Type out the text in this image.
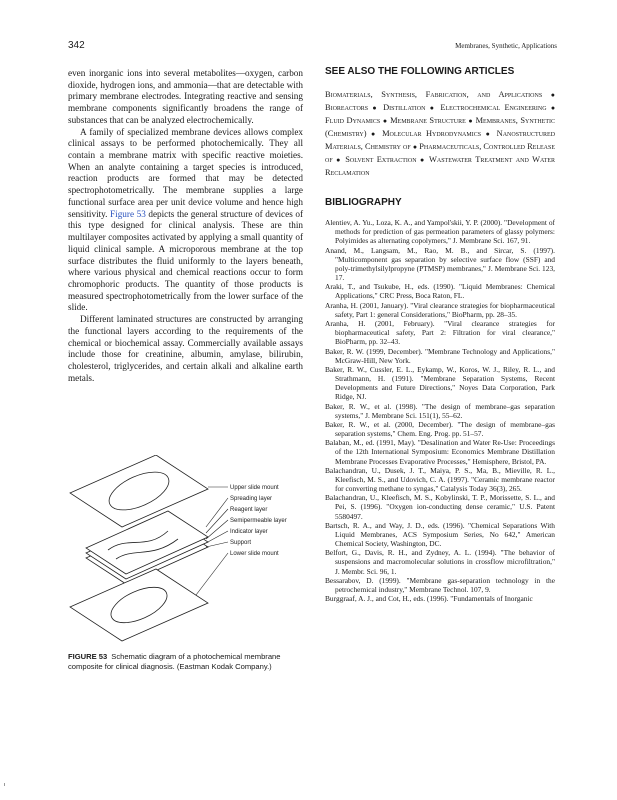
342	Membranes, Synthetic, Applications

even inorganic ions into several metabolites—oxygen, carbon dioxide, hydrogen ions, and ammonia—that are detectable with primary membrane electrodes. Integrating reactive and sensing membrane components significantly broadens the range of substances that can be analyzed electrochemically.

A family of specialized membrane devices allows complex clinical assays to be performed photochemically. They all contain a membrane matrix with specific reactive moieties. When an analyte containing a target species is introduced, reaction products are formed that may be detected spectrophotometrically. The membrane supplies a large functional surface area per unit device volume and hence high sensitivity. Figure 53 depicts the general structure of devices of this type designed for clinical analysis. These are thin multilayer composites activated by applying a small quantity of liquid clinical sample. A microporous membrane at the top surface distributes the fluid uniformly to the layers beneath, where various physical and chemical reactions occur to form chromophoric products. The quantity of those products is measured spectrophotometrically from the lower surface of the slide.

Different laminated structures are constructed by arranging the functional layers according to the requirements of the chemical or biochemical assay. Commercially available assays include those for creatinine, albumin, amylase, bilirubin, cholesterol, triglycerides, and certain alkali and alkaline earth metals.

Upper slide mount
Spreading layer
Reagent layer
Semipermeable layer
Indicator layer
Support
Lower slide mount
FIGURE 53 Schematic diagram of a photochemical membrane composite for clinical diagnosis. (Eastman Kodak Company.)
SEE ALSO THE FOLLOWING ARTICLES

Biomaterials, Synthesis, Fabrication, and Applications ● Bioreactors ● Distillation ● Electrochemical Engineering ● Fluid Dynamics ● Membrane Structure ● Membranes, Synthetic (Chemistry) ● Molecular Hydrodynamics ● Nanostructured Materials, Chemistry of ● Pharmaceuticals, Controlled Release of ● Solvent Extraction ● Wastewater Treatment and Water Reclamation

BIBLIOGRAPHY
Alentiev, A. Yu., Loza, K. A., and Yampol'skii, Y. P. (2000). "Development of methods for prediction of gas permeation parameters of glassy polymers: Polyimides as alternating copolymers," J. Membrane Sci. 167, 91.
Anand, M., Langsam, M., Rao, M. B., and Sircar, S. (1997). "Multicomponent gas separation by selective surface flow (SSF) and poly-trimethylsilylpropyne (PTMSP) membranes," J. Membrane Sci. 123, 17.
Araki, T., and Tsukube, H., eds. (1990). "Liquid Membranes: Chemical Applications," CRC Press, Boca Raton, FL.
Aranha, H. (2001, January). "Viral clearance strategies for biopharmaceutical safety, Part 1: general Considerations," BioPharm, pp. 28–35.
Aranha, H. (2001, February). "Viral clearance strategies for biopharmaceutical safety, Part 2: Filtration for viral clearance," BioPharm, pp. 32–43.
Baker, R. W. (1999, December). "Membrane Technology and Applications," McGraw-Hill, New York.
Baker, R. W., Cussler, E. L., Eykamp, W., Koros, W. J., Riley, R. L., and Strathmann, H. (1991). "Membrane Separation Systems, Recent Developments and Future Directions," Noyes Data Corporation, Park Ridge, NJ.
Baker, R. W., et al. (1998). "The design of membrane–gas separation systems," J. Membrane Sci. 151(1), 55–62.
Baker, R. W., et al. (2000, December). "The design of membrane–gas separation systems," Chem. Eng. Prog. pp. 51–57.
Balaban, M., ed. (1991, May). "Desalination and Water Re-Use: Proceedings of the 12th International Symposium: Economics Membrane Distillation Membrane Processes Evaporative Processes," Hemisphere, Bristol, PA.
Balachandran, U., Dusek, J. T., Maiya, P. S., Ma, B., Mieville, R. L., Kleefisch, M. S., and Udovich, C. A. (1997). "Ceramic membrane reactor for converting methane to syngas," Catalysis Today 36(3), 265.
Balachandran, U., Kleefisch, M. S., Kobylinski, T. P., Morissette, S. L., and Pei, S. (1996). "Oxygen ion-conducting dense ceramic," U.S. Patent 5580497.
Bartsch, R. A., and Way, J. D., eds. (1996). "Chemical Separations With Liquid Membranes, ACS Symposium Series, No 642," American Chemical Society, Washington, DC.
Belfort, G., Davis, R. H., and Zydney, A. L. (1994). "The behavior of suspensions and macromolecular solutions in crossflow microfiltration," J. Membr. Sci. 96, 1.
Bessarabov, D. (1999). "Membrane gas-separation technology in the petrochemical industry," Membrane Technol. 107, 9.
Burggraaf, A. J., and Cot, H., eds. (1996). "Fundamentals of Inorganic
